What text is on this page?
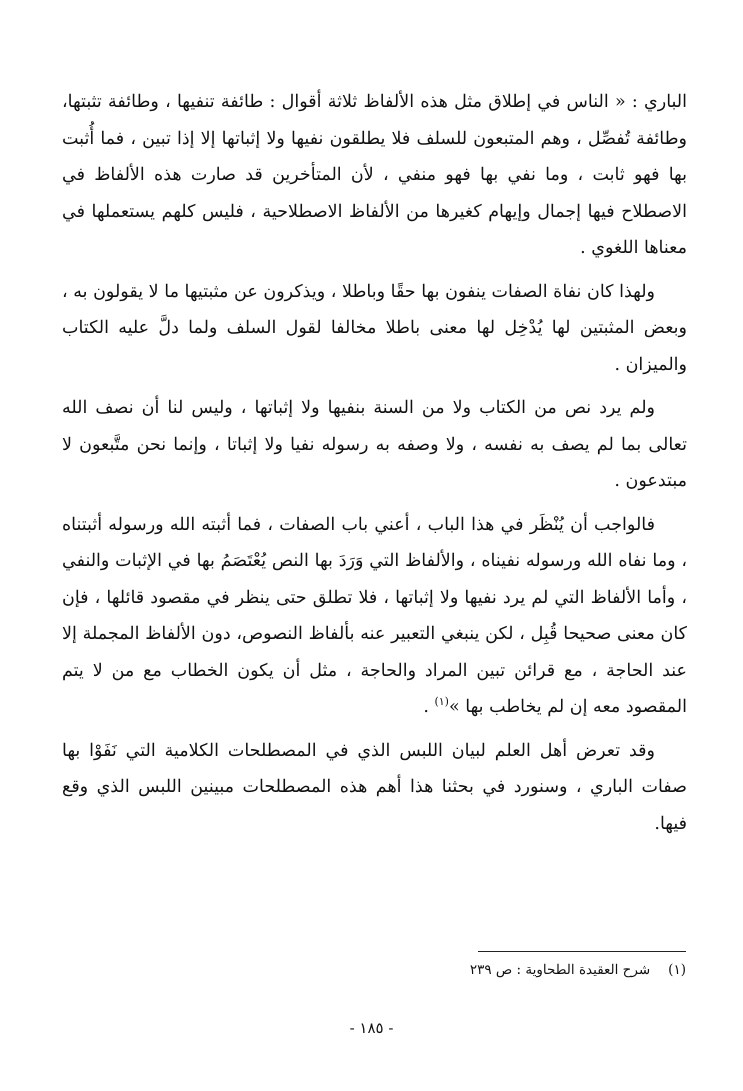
الباري : « الناس في إطلاق مثل هذه الألفاظ ثلاثة أقوال : طائفة تنفيها ، وطائفة تثبتها، وطائفة تُفصِّل ، وهم المتبعون للسلف فلا يطلقون نفيها ولا إثباتها إلا إذا تبين ، فما أُثبت بها فهو ثابت ، وما نفي بها فهو منفي ، لأن المتأخرين قد صارت هذه الألفاظ في الاصطلاح فيها إجمال وإيهام كغيرها من الألفاظ الاصطلاحية ، فليس كلهم يستعملها في معناها اللغوي .

ولهذا كان نفاة الصفات ينفون بها حقًا وباطلا ، ويذكرون عن مثبتيها ما لا يقولون به ، وبعض المثبتين لها يُدْخِل لها معنى باطلا مخالفا لقول السلف ولما دلَّ عليه الكتاب والميزان .

ولم يرد نص من الكتاب ولا من السنة بنفيها ولا إثباتها ، وليس لنا أن نصف الله تعالى بما لم يصف به نفسه ، ولا وصفه به رسوله نفيا ولا إثباتا ، وإنما نحن متَّبعون لا مبتدعون .

فالواجب أن يُنْظَر في هذا الباب ، أعني باب الصفات ، فما أثبته الله ورسوله أثبتناه ، وما نفاه الله ورسوله نفيناه ، والألفاظ التي وَرَدَ بها النص يُعْتَصَمُ بها في الإثبات والنفي ، وأما الألفاظ التي لم يرد نفيها ولا إثباتها ، فلا تطلق حتى ينظر في مقصود قائلها ، فإن كان معنى صحيحا قُبِل ، لكن ينبغي التعبير عنه بألفاظ النصوص، دون الألفاظ المجملة إلا عند الحاجة ، مع قرائن تبين المراد والحاجة ، مثل أن يكون الخطاب مع من لا يتم المقصود معه إن لم يخاطب بها »$^{(١)}$ .

وقد تعرض أهل العلم لبيان اللبس الذي في المصطلحات الكلامية التي نَفَوْا بها صفات الباري ، وسنورد في بحثنا هذا أهم هذه المصطلحات مبينين اللبس الذي وقع فيها.

(١)شرح العقيدة الطحاوية : ص ٢٣٩
- ١٨٥ -
